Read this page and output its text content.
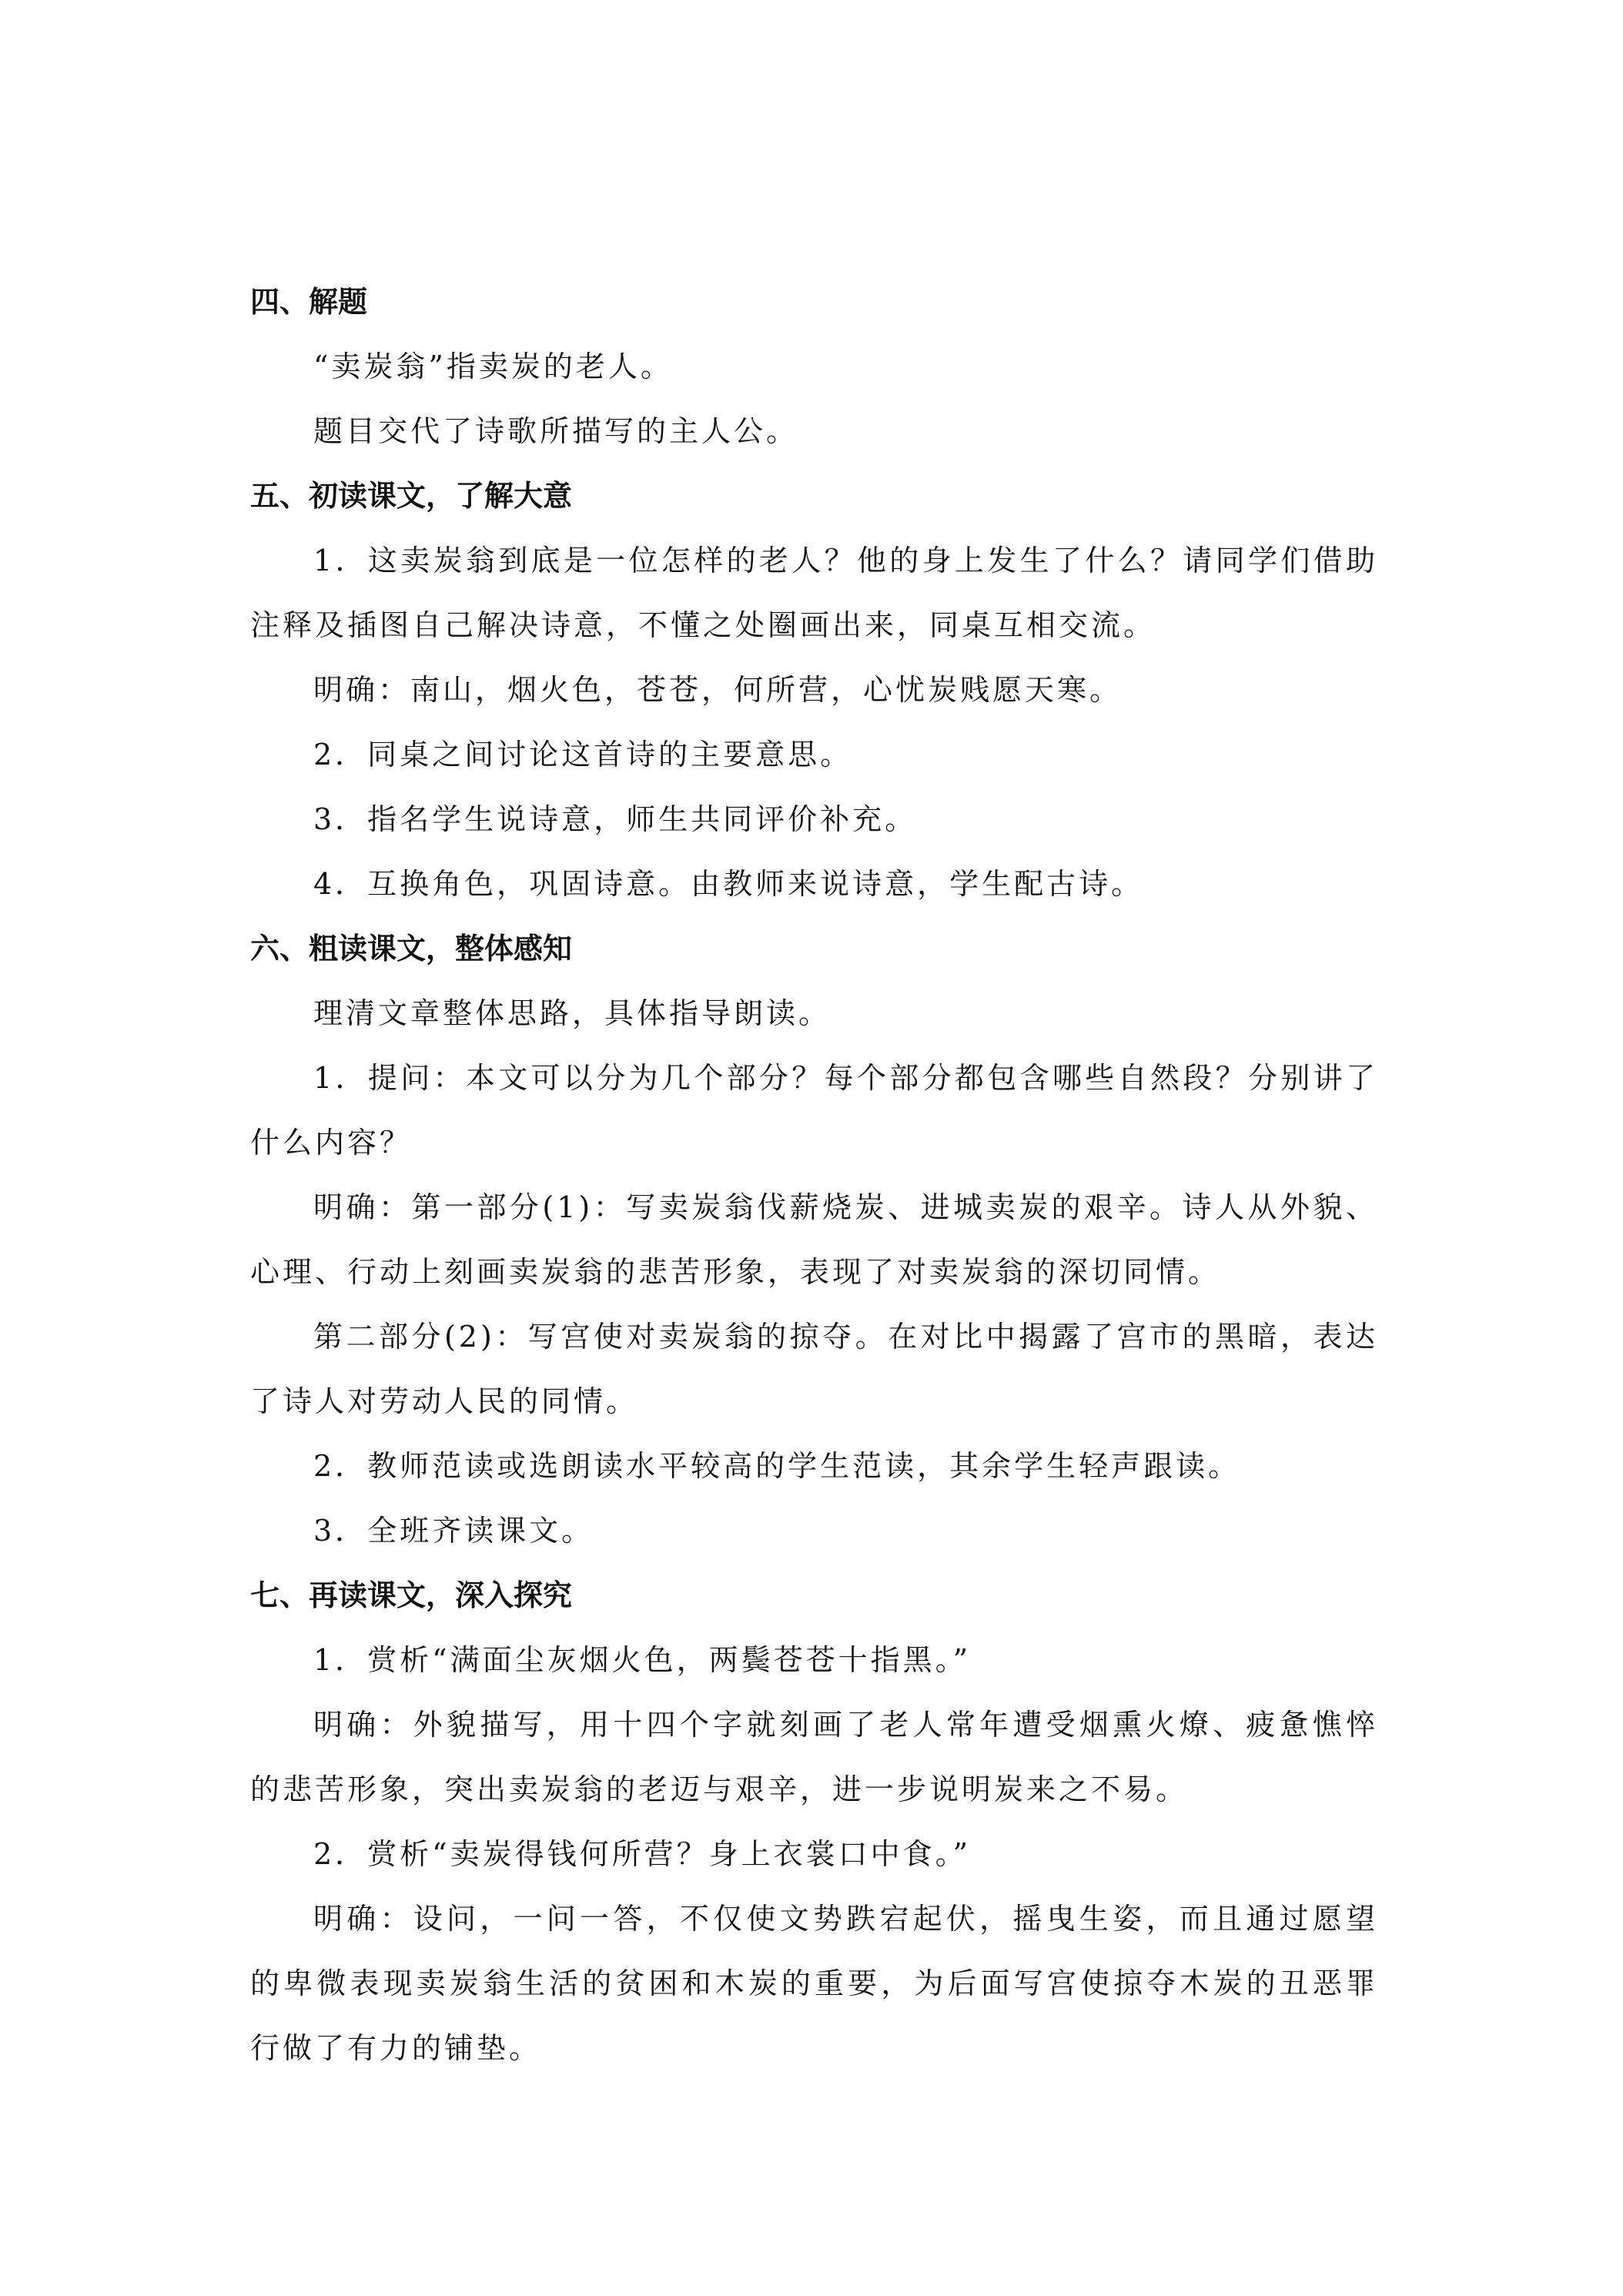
四、解题

“卖炭翁”指卖炭的老人。

题目交代了诗歌所描写的主人公。

五、初读课文，了解大意

1．这卖炭翁到底是一位怎样的老人？他的身上发生了什么？请同学们借助注释及插图自己解决诗意，不懂之处圈画出来，同桌互相交流。

明确：南山，烟火色，苍苍，何所营，心忧炭贱愿天寒。

2．同桌之间讨论这首诗的主要意思。

3．指名学生说诗意，师生共同评价补充。

4．互换角色，巩固诗意。由教师来说诗意，学生配古诗。

六、粗读课文，整体感知

理清文章整体思路，具体指导朗读。

1．提问：本文可以分为几个部分？每个部分都包含哪些自然段？分别讲了什么内容？

明确：第一部分(1)：写卖炭翁伐薪烧炭、进城卖炭的艰辛。诗人从外貌、心理、行动上刻画卖炭翁的悲苦形象，表现了对卖炭翁的深切同情。

第二部分(2)：写宫使对卖炭翁的掠夺。在对比中揭露了宫市的黑暗，表达了诗人对劳动人民的同情。

2．教师范读或选朗读水平较高的学生范读，其余学生轻声跟读。

3．全班齐读课文。

七、再读课文，深入探究

1．赏析“满面尘灰烟火色，两鬓苍苍十指黑。”

明确：外貌描写，用十四个字就刻画了老人常年遭受烟熏火燎、疲惫憔悴的悲苦形象，突出卖炭翁的老迈与艰辛，进一步说明炭来之不易。

2．赏析“卖炭得钱何所营？身上衣裳口中食。”

明确：设问，一问一答，不仅使文势跌宕起伏，摇曳生姿，而且通过愿望的卑微表现卖炭翁生活的贫困和木炭的重要，为后面写宫使掠夺木炭的丑恶罪行做了有力的铺垫。
